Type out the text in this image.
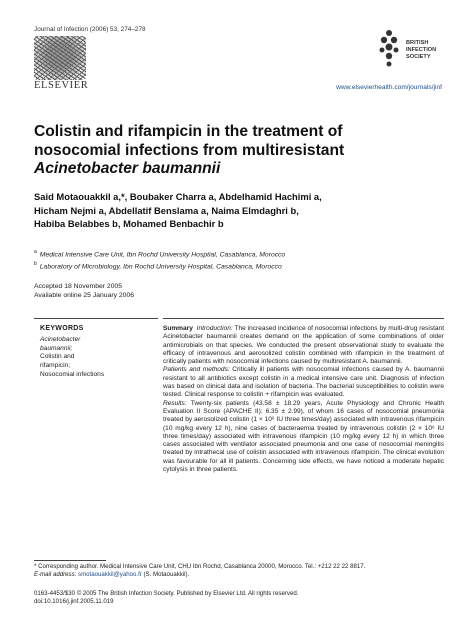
Journal of Infection (2006) 53, 274–278
ELSEVIER
BRITISH
INFECTION
SOCIETY
www.elsevierhealth.com/journals/jinf
Colistin and rifampicin in the treatment of
nosocomial infections from multiresistant
Acinetobacter baumannii
Said Motaouakkil a,*, Boubaker Charra a, Abdelhamid Hachimi a,
Hicham Nejmi a, Abdellatif Benslama a, Naima Elmdaghri b,
Habiba Belabbes b, Mohamed Benbachir b
$^a$ Medical Intensive Care Unit, Ibn Rochd University Hosptial, Casablanca, Morocco
$^b$ Laboratory of Microbiology, Ibn Rochd University Hospital, Casablanca, Morocco
Accepted 18 November 2005
Available online 25 January 2006
KEYWORDS
Acinetobacter
baumannii;
Colistin and
rifampicin;
Nosocomial infections

Summary Introduction: The increased incidence of nosocomial infections by multi-drug resistant Acinetobacter baumannii creates demand on the application of some combinations of older antimicrobials on that species. We conducted the present observational study to evaluate the efficacy of intravenous and aerosolized colistin combined with rifampicin in the treatment of critically patients with nosocomial infections caused by multiresistant A. baumannii.

Patients and methods: Critically ill patients with nosocomial infections caused by A. baumannii resistant to all antibiotics except colistin in a medical intensive care unit. Diagnosis of infection was based on clinical data and isolation of bacteria. The bacterial susceptibilities to colistin were tested. Clinical response to colistin + rifampicin was evaluated.

Results: Twenty-six patients (43.58 ± 18.29 years, Acute Physiology and Chronic Health Evaluation II Score (APACHE II): 6.35 ± 2.99), of whom 16 cases of nosocomial pneumonia treated by aerosolized colistin (1 × 10⁶ IU three times/day) associated with intravenous rifampicin (10 mg/kg every 12 h), nine cases of bacteraemia treated by intravenous colistin (2 × 10⁶ IU three times/day) associated with intravenous rifampicin (10 mg/kg every 12 h) in which three cases associated with ventilator associated pneumonia and one case of nosocomial meningitis treated by intrathecal use of colistin associated with intravenous rifampicin. The clinical evolution was favourable for all ill patients. Concerning side effects, we have noticed a moderate hepatic cytolysis in three patients.

* Corresponding author. Medical Intensive Care Unit, CHU Ibn Rochd, Casablanca 20000, Morocco. Tel.: +212 22 22 8817.
E-mail address: smotaouakkil@yahoo.fr (S. Motaouakkil).
0163-4453/$30 © 2005 The British Infection Society. Published by Elsevier Ltd. All rights reserved.
doi:10.1016/j.jinf.2005.11.019
